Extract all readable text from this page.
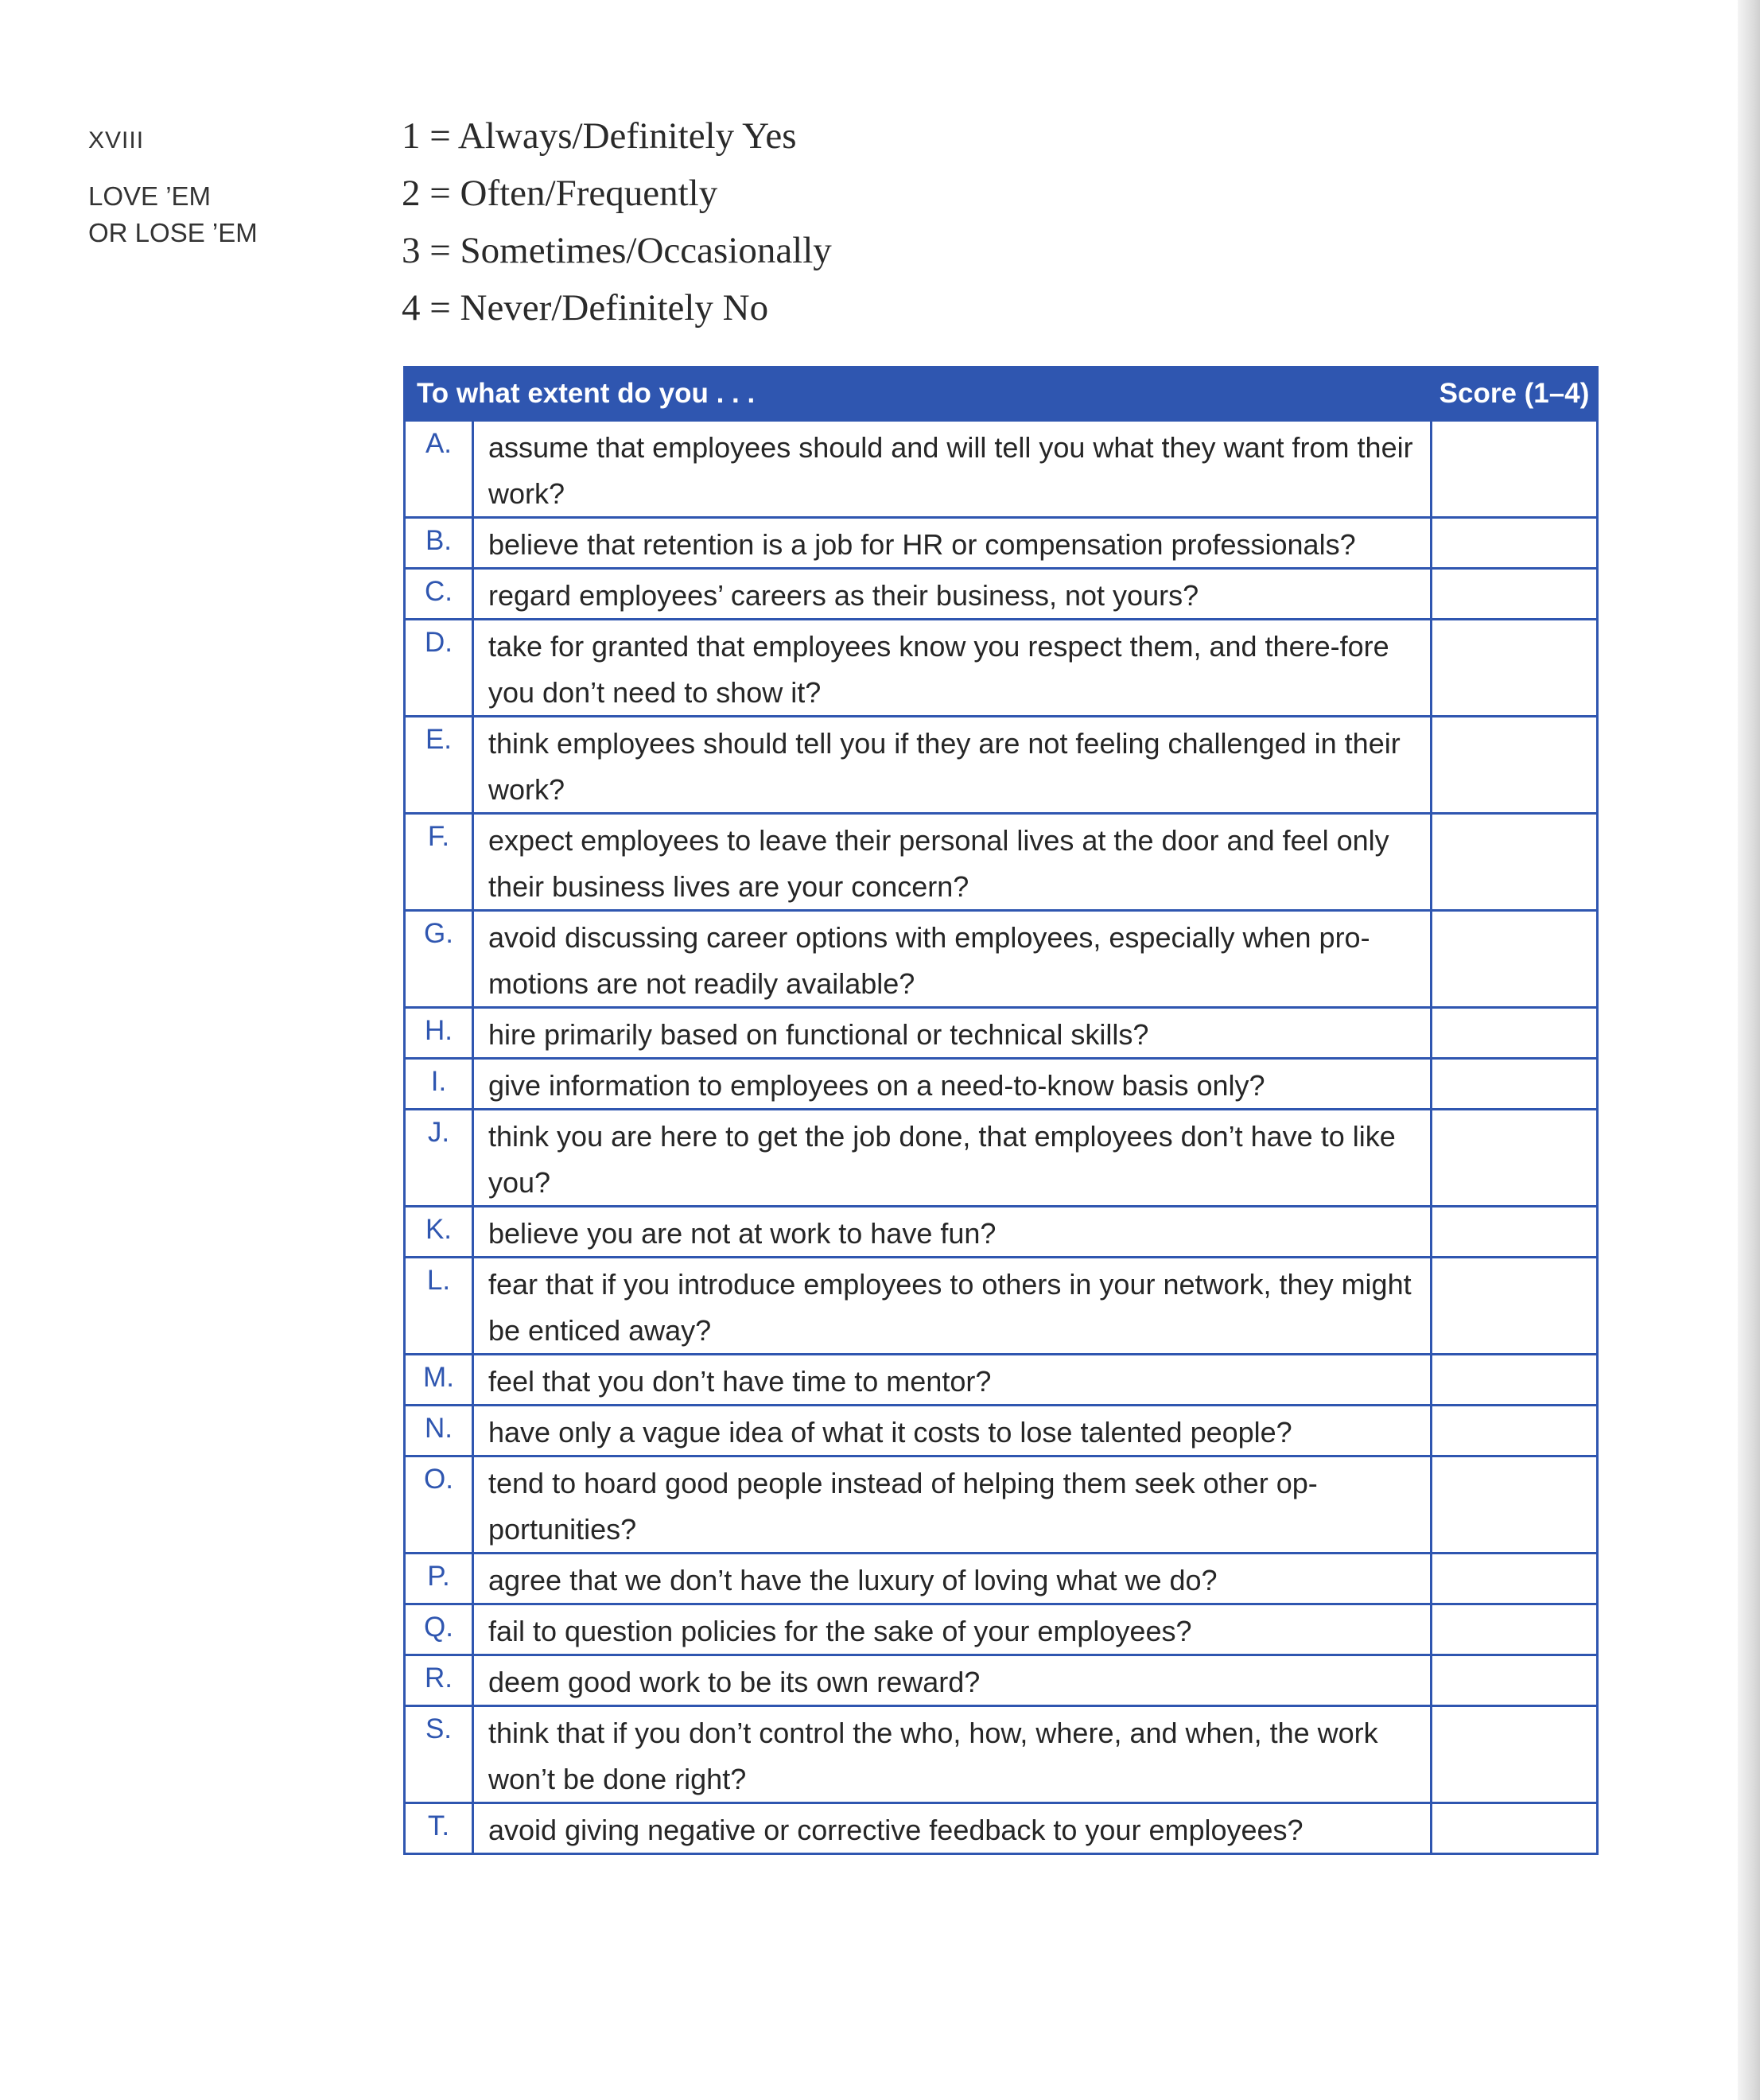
XVIII
LOVE ’EM
OR LOSE ’EM
1 = Always/Definitely Yes
2 = Often/Frequently
3 = Sometimes/Occasionally
4 = Never/Definitely No
To what extent do you . . .	Score (1–4)
A.	assume that employees should and will tell you what they want from their work?
B.	believe that retention is a job for HR or compensation professionals?
C.	regard employees’ careers as their business, not yours?
D.	take for granted that employees know you respect them, and there-fore you don’t need to show it?
E.	think employees should tell you if they are not feeling challenged in their work?
F.	expect employees to leave their personal lives at the door and feel only their business lives are your concern?
G.	avoid discussing career options with employees, especially when pro-motions are not readily available?
H.	hire primarily based on functional or technical skills?
I.	give information to employees on a need-to-know basis only?
J.	think you are here to get the job done, that employees don’t have to like you?
K.	believe you are not at work to have fun?
L.	fear that if you introduce employees to others in your network, they might be enticed away?
M.	feel that you don’t have time to mentor?
N.	have only a vague idea of what it costs to lose talented people?
O.	tend to hoard good people instead of helping them seek other op-portunities?
P.	agree that we don’t have the luxury of loving what we do?
Q.	fail to question policies for the sake of your employees?
R.	deem good work to be its own reward?
S.	think that if you don’t control the who, how, where, and when, the work won’t be done right?
T.	avoid giving negative or corrective feedback to your employees?
